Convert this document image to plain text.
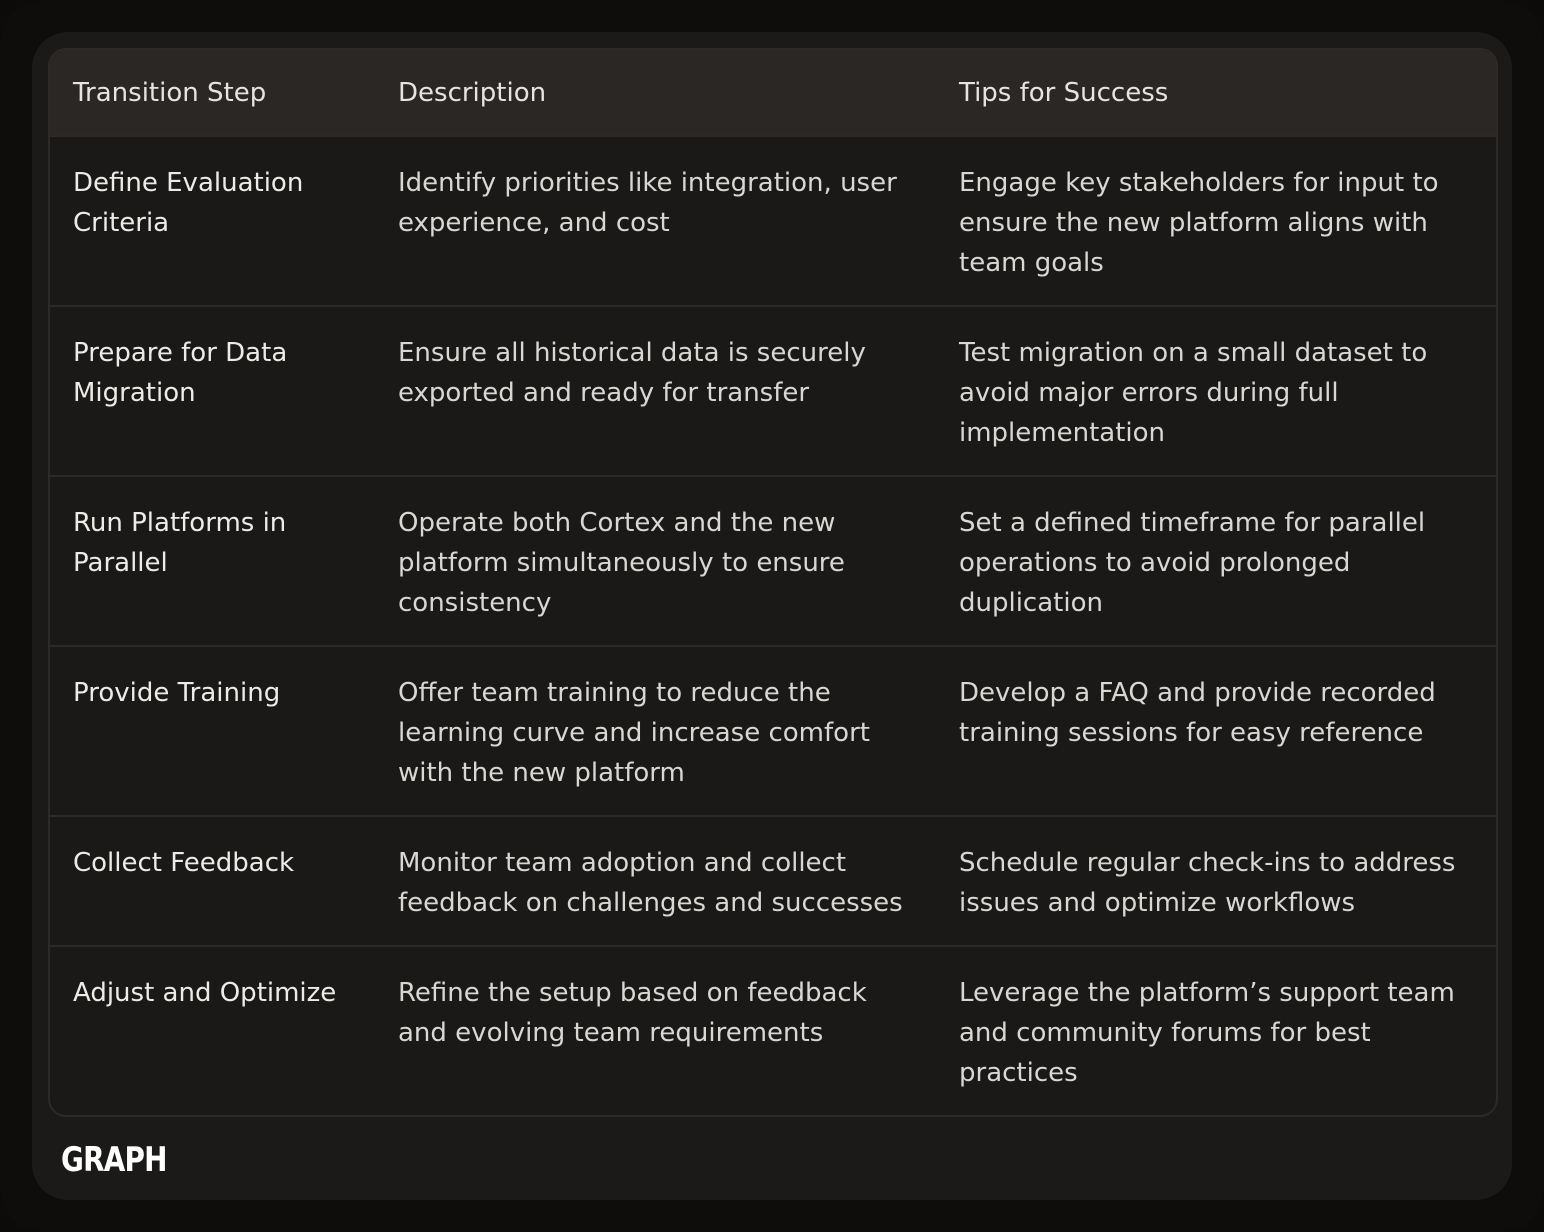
Transition Step	Description	Tips for Success
Define Evaluation Criteria	Identify priorities like integration, user experience, and cost	Engage key stakeholders for input to ensure the new platform aligns with team goals
Prepare for Data Migration	Ensure all historical data is securely exported and ready for transfer	Test migration on a small dataset to avoid major errors during full implementation
Run Platforms in Parallel	Operate both Cortex and the new platform simultaneously to ensure consistency	Set a defined timeframe for parallel operations to avoid prolonged duplication
Provide Training	Offer team training to reduce the learning curve and increase comfort with the new platform	Develop a FAQ and provide recorded training sessions for easy reference
Collect Feedback	Monitor team adoption and collect feedback on challenges and successes	Schedule regular check-ins to address issues and optimize workflows
Adjust and Optimize	Refine the setup based on feedback and evolving team requirements	Leverage the platform’s support team and community forums for best practices
GRAPH
